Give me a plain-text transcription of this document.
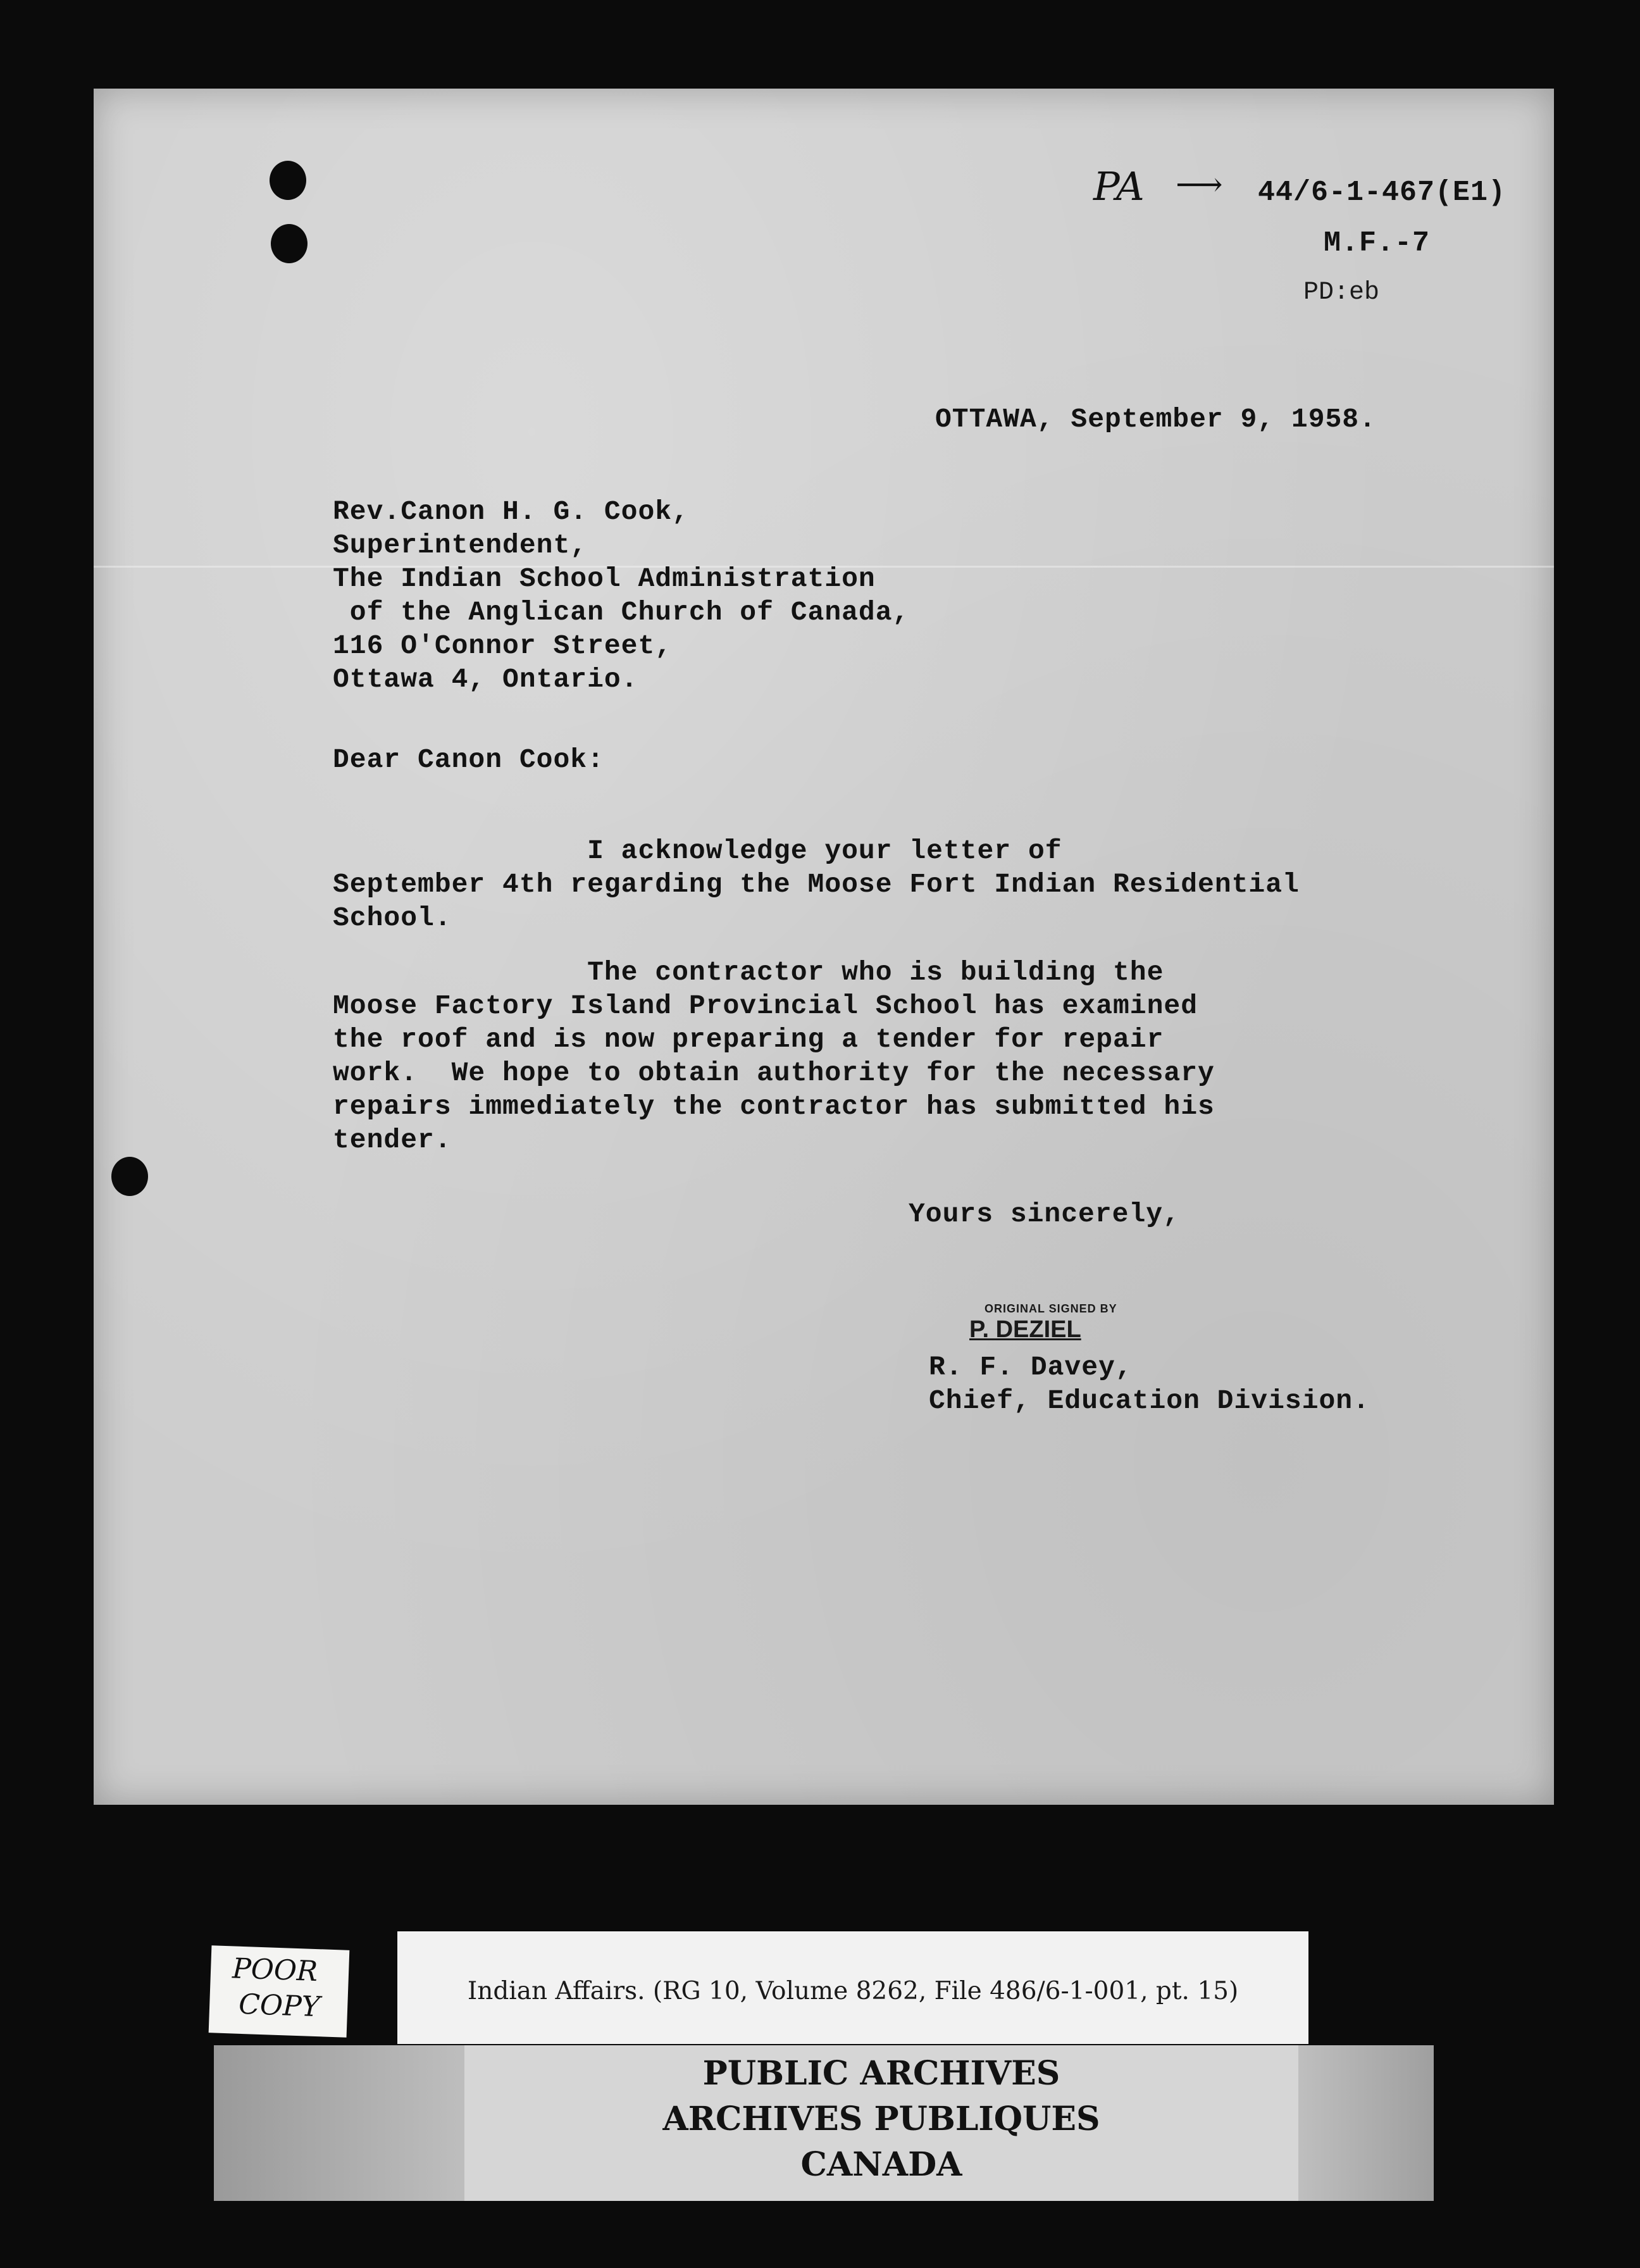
PA ⟶ 44/6-1-467(E1)
M.F.-7
PD:eb
OTTAWA, September 9, 1958.
Rev.Canon H. G. Cook,
Superintendent,
The Indian School Administration
of the Anglican Church of Canada,
116 O'Connor Street,
Ottawa 4, Ontario.
Dear Canon Cook:
I acknowledge your letter of
September 4th regarding the Moose Fort Indian Residential
School.
The contractor who is building the
Moose Factory Island Provincial School has examined
the roof and is now preparing a tender for repair
work.  We hope to obtain authority for the necessary
repairs immediately the contractor has submitted his
tender.
Yours sincerely,
ORIGINAL SIGNED BY
P. DEZIEL
R. F. Davey,
Chief, Education Division.
POOR
COPY	Indian Affairs. (RG 10, Volume 8262, File 486/6-1-001, pt. 15)
PUBLIC ARCHIVES
ARCHIVES PUBLIQUES
CANADA
